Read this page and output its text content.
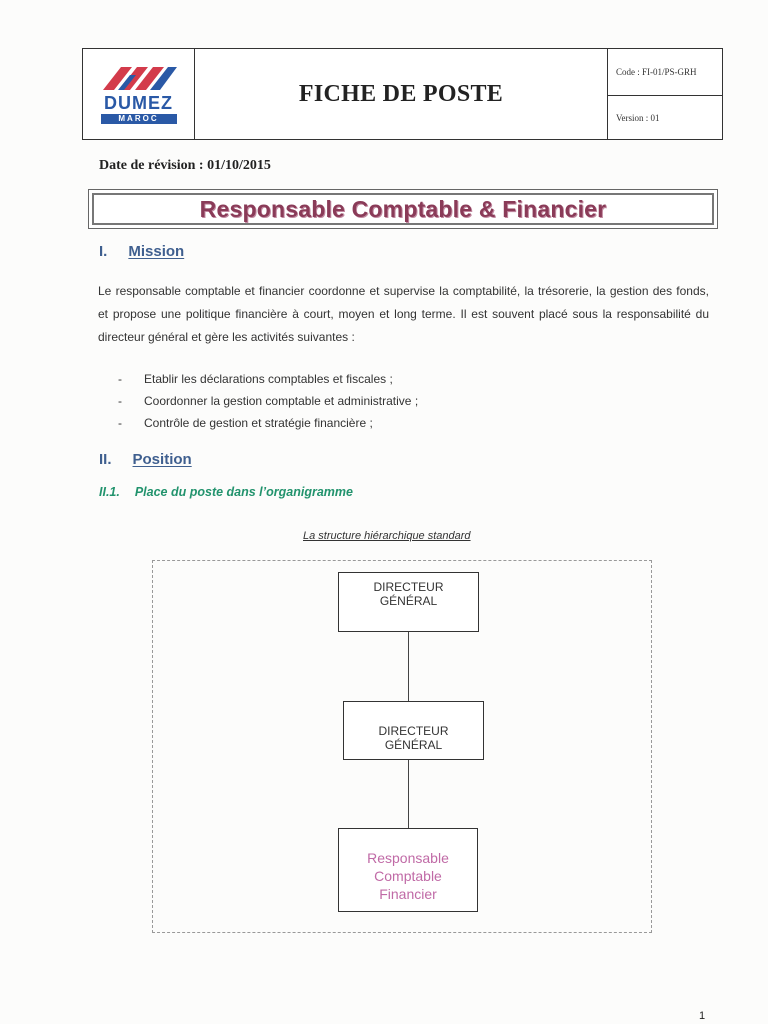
DUMEZ
MAROC
FICHE DE POSTE
Code : FI-01/PS-GRH
Version : 01
Date de révision : 01/10/2015
Responsable Comptable & Financier
I. Mission
Le responsable comptable et financier coordonne et supervise la comptabilité, la trésorerie, la gestion des fonds, et propose une politique financière à court, moyen et long terme. Il est souvent placé sous la responsabilité du directeur général et gère les activités suivantes :
-	Etablir les déclarations comptables et fiscales ;
-	Coordonner la gestion comptable et administrative ;
-	Contrôle de gestion et stratégie financière ;
II. Position
II.1. Place du poste dans l’organigramme
La structure hiérarchique standard
DIRECTEUR
GÉNÉRAL
DIRECTEUR
GÉNÉRAL
Responsable
Comptable
Financier
1
